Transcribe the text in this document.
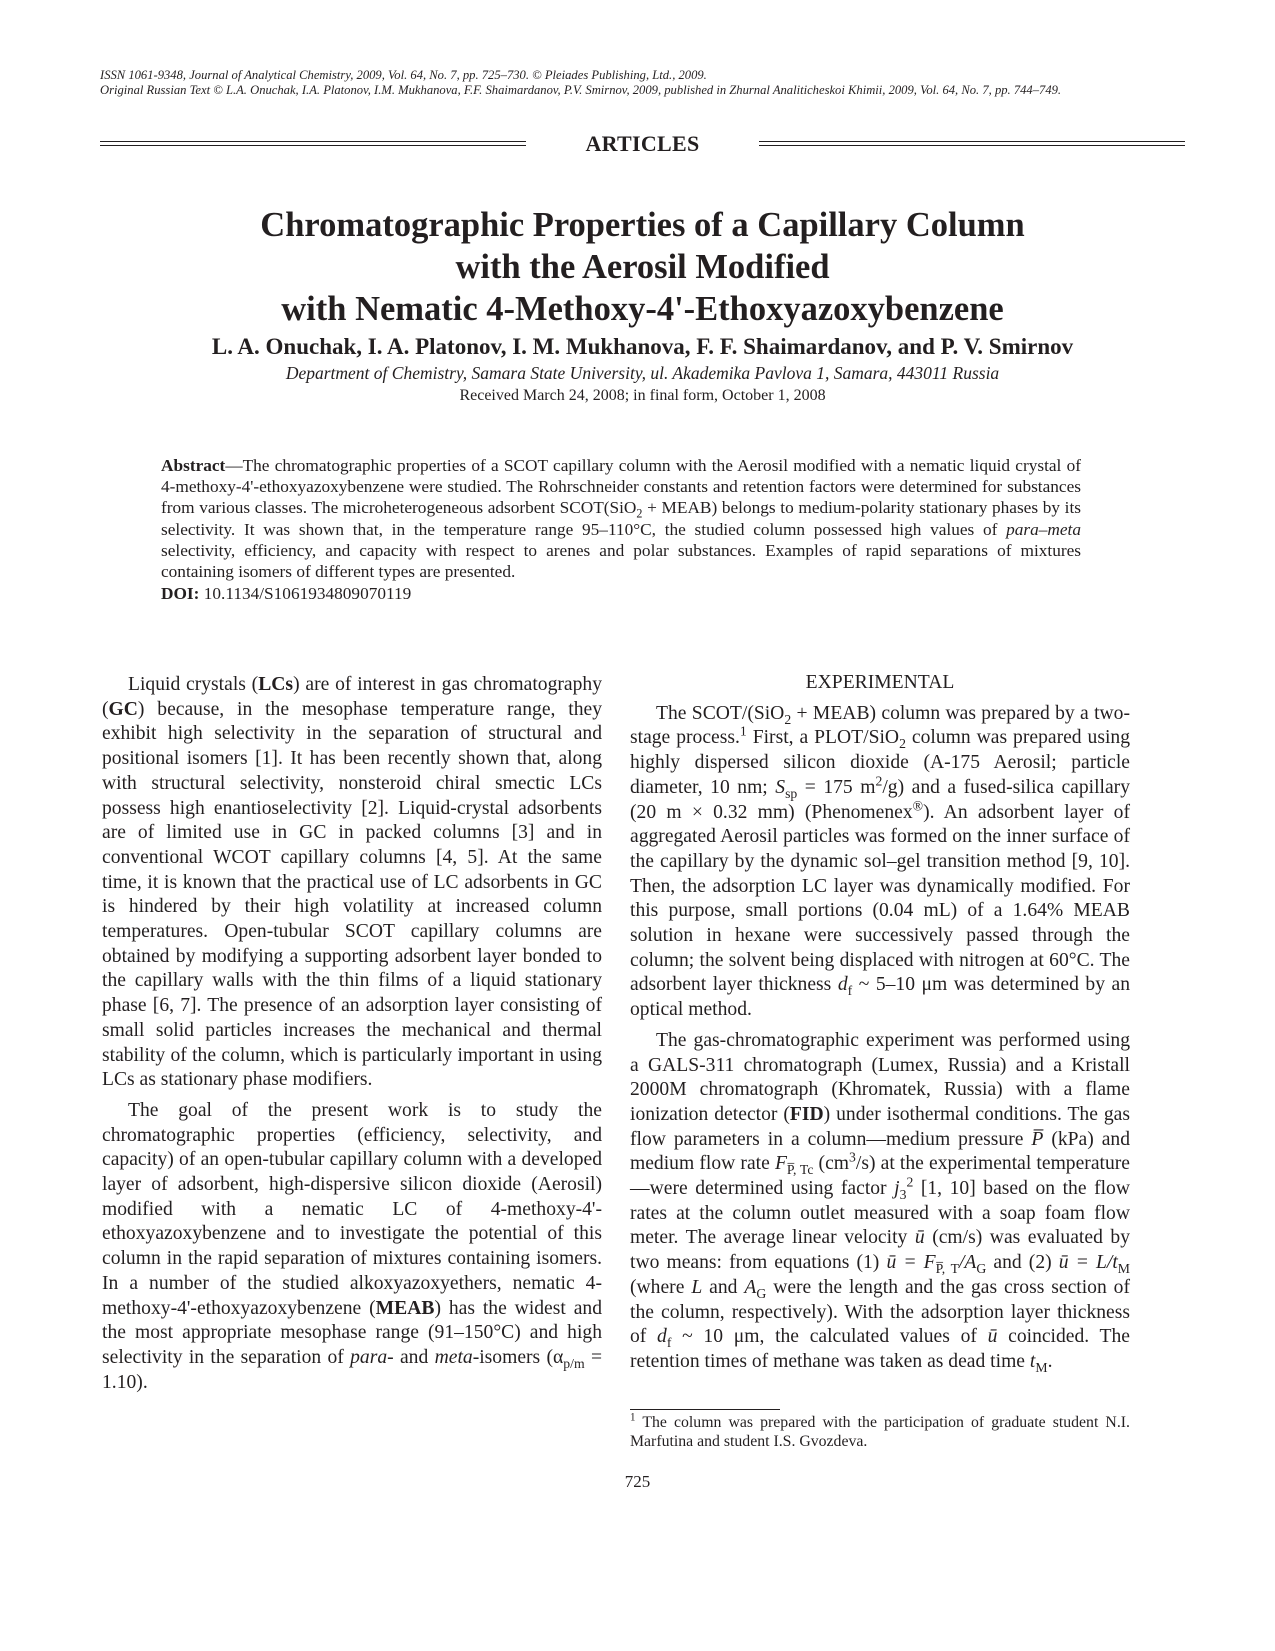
ISSN 1061-9348, Journal of Analytical Chemistry, 2009, Vol. 64, No. 7, pp. 725–730. © Pleiades Publishing, Ltd., 2009.
Original Russian Text © L.A. Onuchak, I.A. Platonov, I.M. Mukhanova, F.F. Shaimardanov, P.V. Smirnov, 2009, published in Zhurnal Analiticheskoi Khimii, 2009, Vol. 64, No. 7, pp. 744–749.
ARTICLES
Chromatographic Properties of a Capillary Column
with the Aerosil Modified
with Nematic 4-Methoxy-4'-Ethoxyazoxybenzene
L. A. Onuchak, I. A. Platonov, I. M. Mukhanova, F. F. Shaimardanov, and P. V. Smirnov
Department of Chemistry, Samara State University, ul. Akademika Pavlova 1, Samara, 443011 Russia
Received March 24, 2008; in final form, October 1, 2008

Abstract—The chromatographic properties of a SCOT capillary column with the Aerosil modified with a nematic liquid crystal of 4-methoxy-4'-ethoxyazoxybenzene were studied. The Rohrschneider constants and retention factors were determined for substances from various classes. The microheterogeneous adsorbent SCOT(SiO$_2$ + MEAB) belongs to medium-polarity stationary phases by its selectivity. It was shown that, in the temperature range 95–110°C, the studied column possessed high values of para–meta selectivity, efficiency, and capacity with respect to arenes and polar substances. Examples of rapid separations of mixtures containing isomers of different types are presented.

DOI: 10.1134/S1061934809070119

Liquid crystals (LCs) are of interest in gas chromatography (GC) because, in the mesophase temperature range, they exhibit high selectivity in the separation of structural and positional isomers [1]. It has been recently shown that, along with structural selectivity, nonsteroid chiral smectic LCs possess high enantioselectivity [2]. Liquid-crystal adsorbents are of limited use in GC in packed columns [3] and in conventional WCOT capillary columns [4, 5]. At the same time, it is known that the practical use of LC adsorbents in GC is hindered by their high volatility at increased column temperatures. Open-tubular SCOT capillary columns are obtained by modifying a supporting adsorbent layer bonded to the capillary walls with the thin films of a liquid stationary phase [6, 7]. The presence of an adsorption layer consisting of small solid particles increases the mechanical and thermal stability of the column, which is particularly important in using LCs as stationary phase modifiers.

The goal of the present work is to study the chromatographic properties (efficiency, selectivity, and capacity) of an open-tubular capillary column with a developed layer of adsorbent, high-dispersive silicon dioxide (Aerosil) modified with a nematic LC of 4-methoxy-4'-ethoxyazoxybenzene and to investigate the potential of this column in the rapid separation of mixtures containing isomers. In a number of the studied alkoxyazoxyethers, nematic 4-methoxy-4'-ethoxyazoxybenzene (MEAB) has the widest and the most appropriate mesophase range (91–150°C) and high selectivity in the separation of para- and meta-isomers $(\alpha_{p/m} = 1.10)$.

EXPERIMENTAL

The SCOT/(SiO$_2$ + MEAB) column was prepared by a two-stage process.$^1$ First, a PLOT/SiO$_2$ column was prepared using highly dispersed silicon dioxide (A-175 Aerosil; particle diameter, 10 nm; $S_{sp} = 175$ $m^2/g$) and a fused-silica capillary (20 m × 0.32 mm) (Phenomenex®). An adsorbent layer of aggregated Aerosil particles was formed on the inner surface of the capillary by the dynamic sol–gel transition method [9, 10]. Then, the adsorption LC layer was dynamically modified. For this purpose, small portions (0.04 mL) of a 1.64% MEAB solution in hexane were successively passed through the column; the solvent being displaced with nitrogen at 60°C. The adsorbent layer thickness $d_f$ ~ 5–10 μm was determined by an optical method.

The gas-chromatographic experiment was performed using a GALS-311 chromatograph (Lumex, Russia) and a Kristall 2000M chromatograph (Khromatek, Russia) with a flame ionization detector (FID) under isothermal conditions. The gas flow parameters in a column—medium pressure P̅ (kPa) and medium flow rate $F_{P̅, Tc}$ $(cm^3/s)$ at the experimental temperature—were determined using factor $j_3^2$ [1, 10] based on the flow rates at the column outlet measured with a soap foam flow meter. The average linear velocity ū (cm/s) was evaluated by two means: from equations (1) ū = $F_{P̅, T}/A_G$ and (2) ū = $L/t_M$ (where L and $A_G$ were the length and the gas cross section of the column, respectively). With the adsorption layer thickness of $d_f$ ~ 10 μm, the calculated values of ū coincided. The retention times of methane was taken as dead time $t_M$.

$^1$ The column was prepared with the participation of graduate student N.I. Marfutina and student I.S. Gvozdeva.
725
